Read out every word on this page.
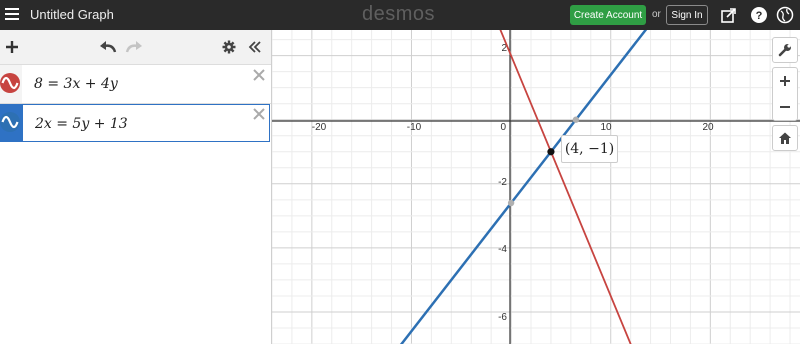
Untitled Graph	desmos	Create Account or	Sign In	?
8 = 3x + 4y
2x = 5y + 13	-20	-10	0	10	20
2
-2
-4
-6
(4, −1)
